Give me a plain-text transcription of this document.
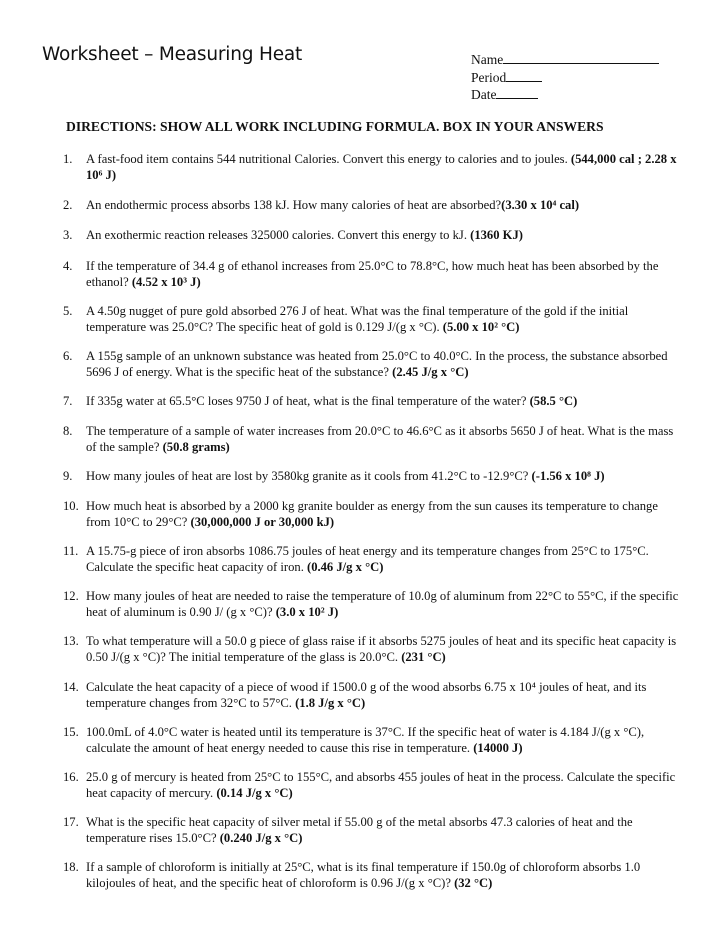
Worksheet – Measuring Heat	Name
Period
Date
DIRECTIONS: SHOW ALL WORK INCLUDING FORMULA. BOX IN YOUR ANSWERS
1. A fast-food item contains 544 nutritional Calories. Convert this energy to calories and to joules. (544,000 cal ; 2.28 x 10⁶ J)
2. An endothermic process absorbs 138 kJ. How many calories of heat are absorbed?(3.30 x 10⁴ cal)
3. An exothermic reaction releases 325000 calories. Convert this energy to kJ. (1360 KJ)
4. If the temperature of 34.4 g of ethanol increases from 25.0°C to 78.8°C, how much heat has been absorbed by the ethanol? (4.52 x 10³ J)
5. A 4.50g nugget of pure gold absorbed 276 J of heat. What was the final temperature of the gold if the initial temperature was 25.0°C? The specific heat of gold is 0.129 J/(g x °C). (5.00 x 10² °C)
6. A 155g sample of an unknown substance was heated from 25.0°C to 40.0°C. In the process, the substance absorbed 5696 J of energy. What is the specific heat of the substance? (2.45 J/g x °C)
7. If 335g water at 65.5°C loses 9750 J of heat, what is the final temperature of the water? (58.5 °C)
8. The temperature of a sample of water increases from 20.0°C to 46.6°C as it absorbs 5650 J of heat. What is the mass of the sample? (50.8 grams)
9. How many joules of heat are lost by 3580kg granite as it cools from 41.2°C to -12.9°C? (-1.56 x 10⁸ J)
10. How much heat is absorbed by a 2000 kg granite boulder as energy from the sun causes its temperature to change from 10°C to 29°C? (30,000,000 J or 30,000 kJ)
11. A 15.75-g piece of iron absorbs 1086.75 joules of heat energy and its temperature changes from 25°C to 175°C. Calculate the specific heat capacity of iron. (0.46 J/g x °C)
12. How many joules of heat are needed to raise the temperature of 10.0g of aluminum from 22°C to 55°C, if the specific heat of aluminum is 0.90 J/ (g x °C)? (3.0 x 10² J)
13. To what temperature will a 50.0 g piece of glass raise if it absorbs 5275 joules of heat and its specific heat capacity is 0.50 J/(g x °C)? The initial temperature of the glass is 20.0°C. (231 °C)
14. Calculate the heat capacity of a piece of wood if 1500.0 g of the wood absorbs 6.75 x 10⁴ joules of heat, and its temperature changes from 32°C to 57°C. (1.8 J/g x °C)
15. 100.0mL of 4.0°C water is heated until its temperature is 37°C. If the specific heat of water is 4.184 J/(g x °C), calculate the amount of heat energy needed to cause this rise in temperature. (14000 J)
16. 25.0 g of mercury is heated from 25°C to 155°C, and absorbs 455 joules of heat in the process. Calculate the specific heat capacity of mercury. (0.14 J/g x °C)
17. What is the specific heat capacity of silver metal if 55.00 g of the metal absorbs 47.3 calories of heat and the temperature rises 15.0°C? (0.240 J/g x °C)
18. If a sample of chloroform is initially at 25°C, what is its final temperature if 150.0g of chloroform absorbs 1.0 kilojoules of heat, and the specific heat of chloroform is 0.96 J/(g x °C)? (32 °C)
